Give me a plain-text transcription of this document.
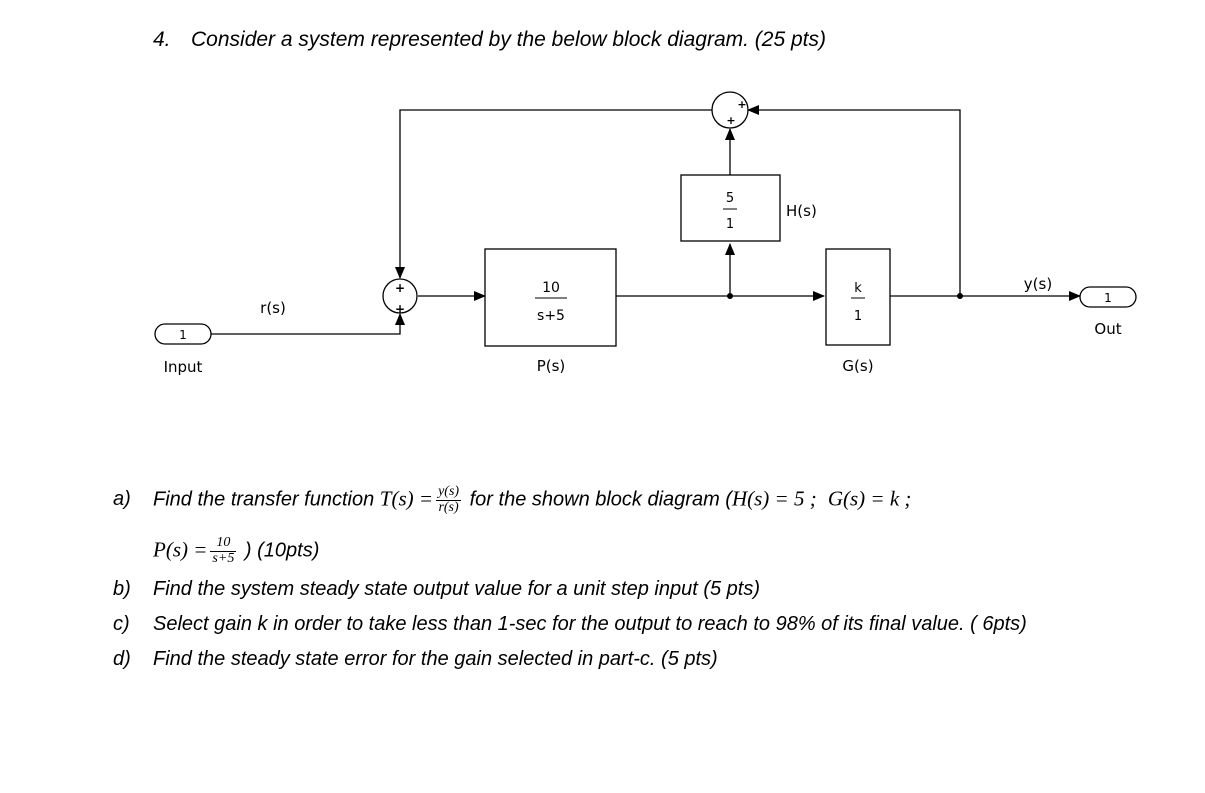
4. Consider a system represented by the below block diagram. (25 pts)
+
+
+
+
10
s+5
P(s)
5
1
H(s)
k
1
G(s)
1
Input
1
Out
r(s)
y(s)
a) Find the transfer function $T(s) = \frac{y(s)}{r(s)}$ for the shown block diagram (H(s) = 5 ; G(s) = k ;
$P(s) = \frac{10}{s+5}$ ) (10pts)
b) Find the system steady state output value for a unit step input (5 pts)
c) Select gain k in order to take less than 1-sec for the output to reach to 98% of its final value. ( 6pts)
d) Find the steady state error for the gain selected in part-c. (5 pts)
